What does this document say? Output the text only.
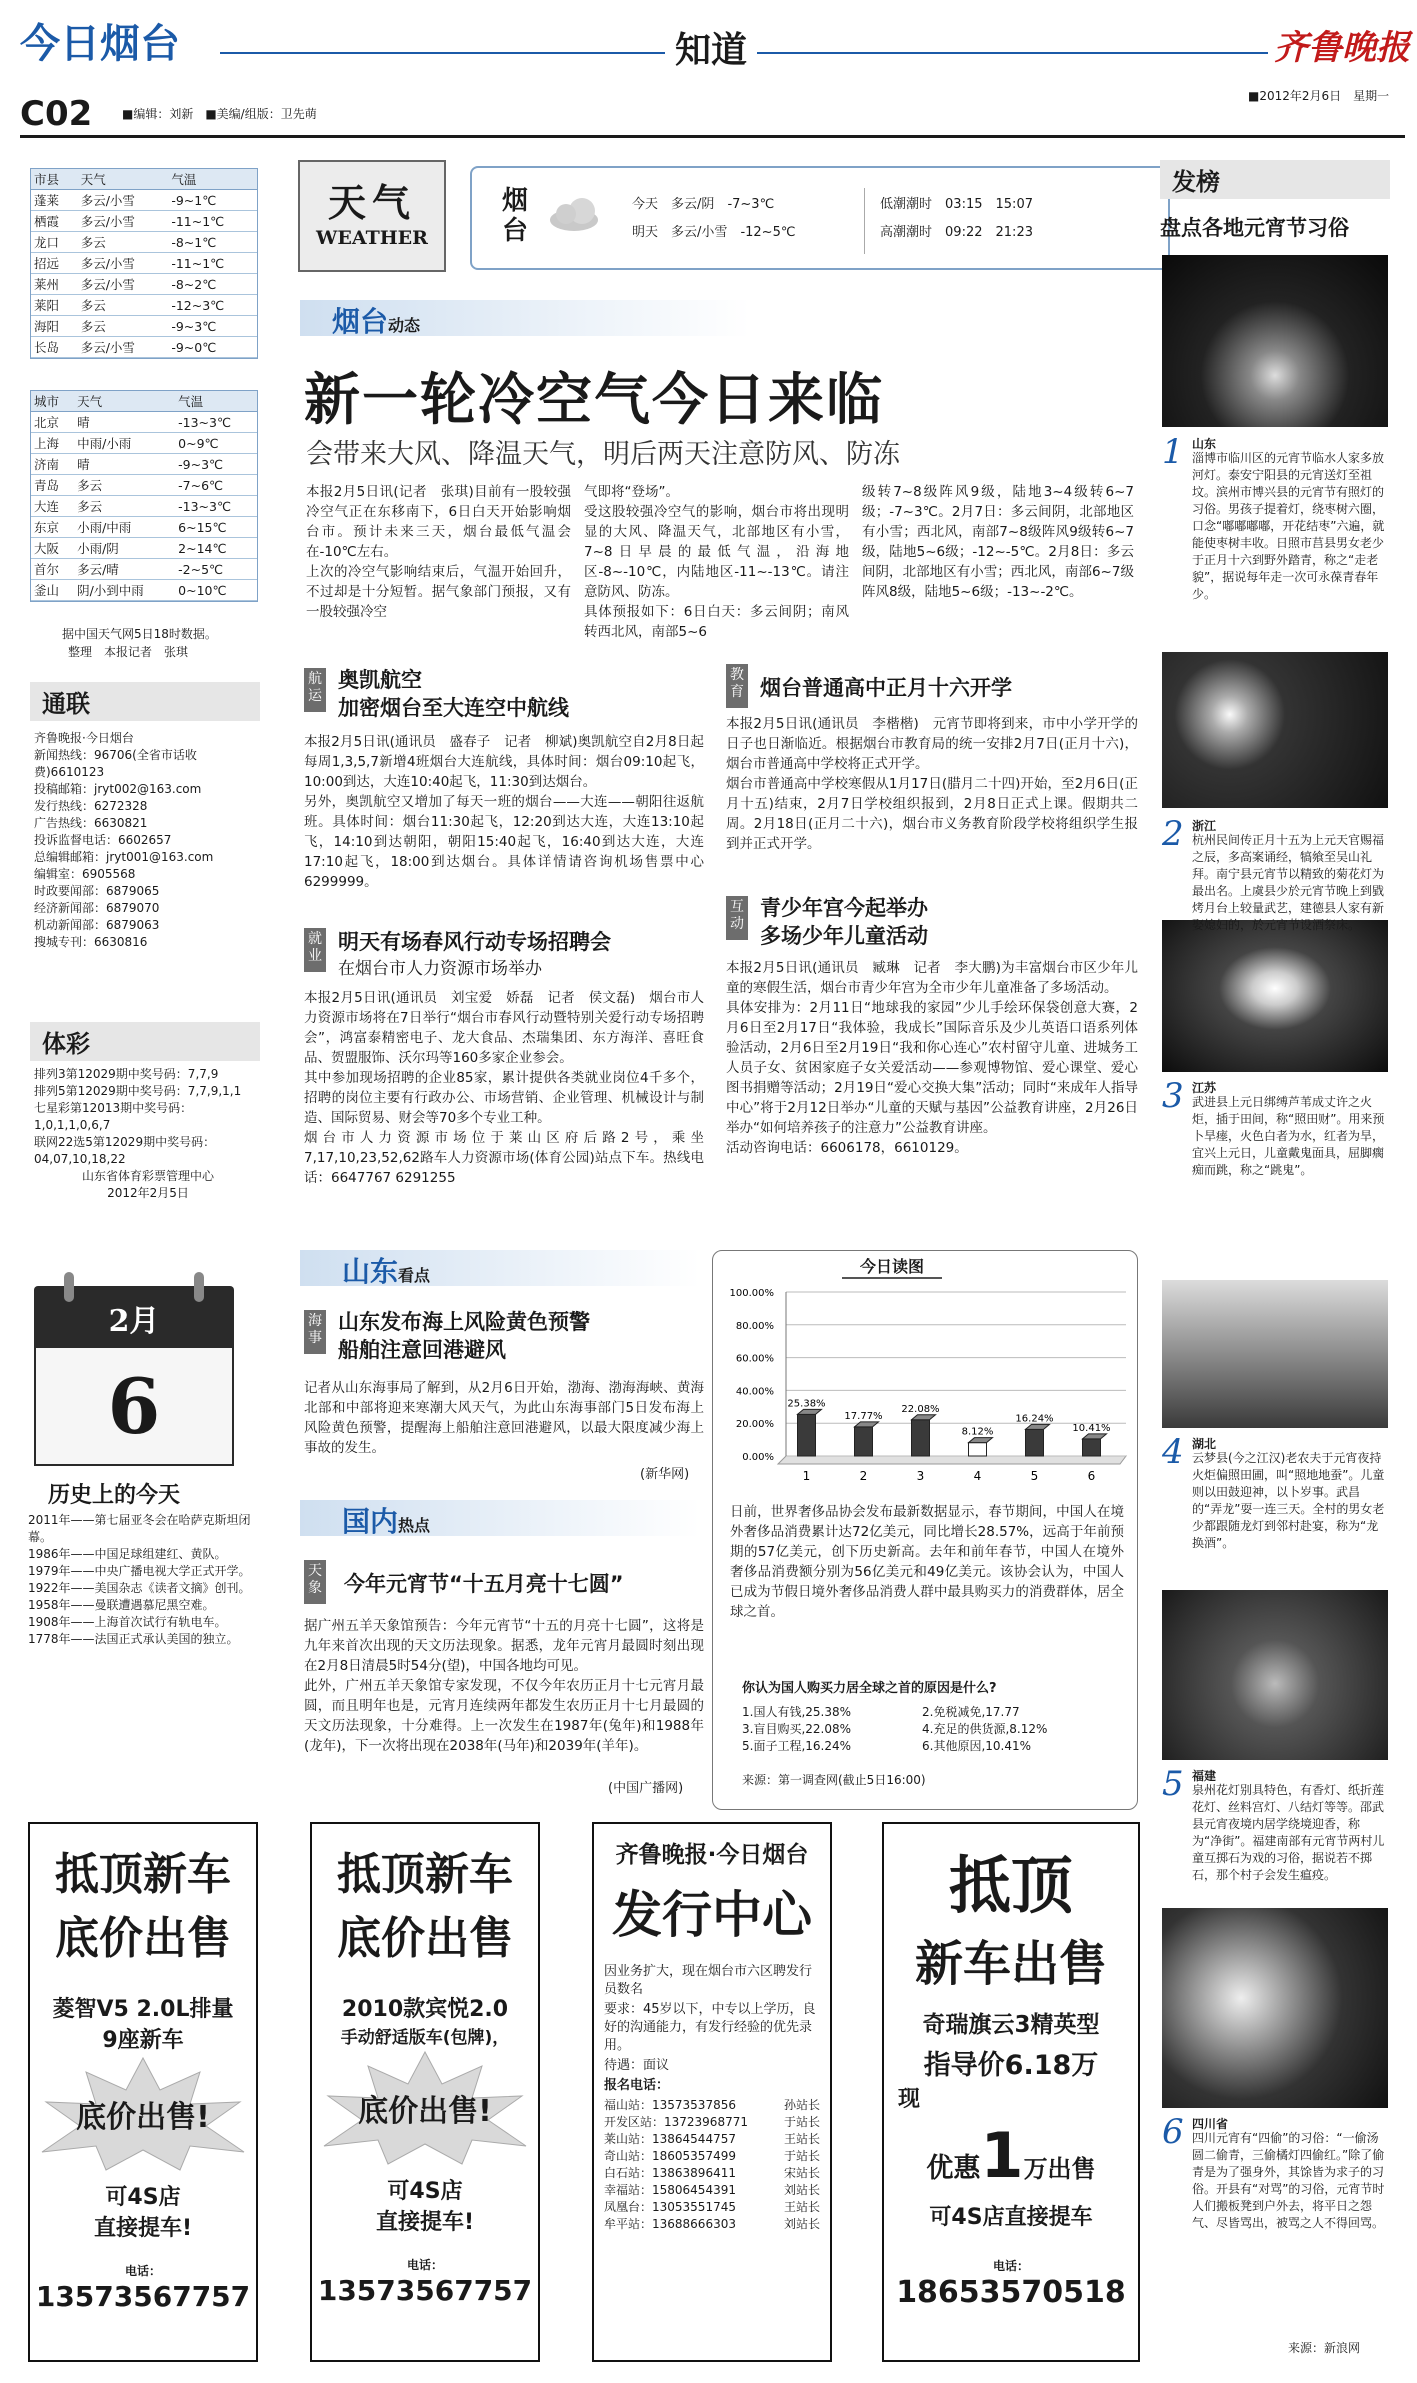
今日烟台	知道	齐鲁晚报
C02 ■编辑：刘新　■美编/组版：卫先萌
■2012年2月6日　星期一
市县	天气	气温
蓬莱	多云/小雪	-9~1℃
栖霞	多云/小雪	-11~1℃
龙口	多云	-8~1℃
招远	多云/小雪	-11~1℃
莱州	多云/小雪	-8~2℃
莱阳	多云	-12~3℃
海阳	多云	-9~3℃
长岛	多云/小雪	-9~0℃
城市	天气	气温
北京	晴	-13~3℃
上海	中雨/小雨	0~9℃
济南	晴	-9~3℃
青岛	多云	-7~6℃
大连	多云	-13~3℃
东京	小雨/中雨	6~15℃
大阪	小雨/阴	2~14℃
首尔	多云/晴	-2~5℃
釜山	阴/小到中雨	0~10℃
据中国天气网5日18时数据。
整理　本报记者　张琪
通联
齐鲁晚报·今日烟台
新闻热线：96706(全省市话收费)6610123
投稿邮箱：jryt002@163.com
发行热线：6272328
广告热线：6630821
投诉监督电话：6602657
总编辑邮箱：jryt001@163.com
编辑室：6905568
时政要闻部：6879065
经济新闻部：6879070
机动新闻部：6879063
搜城专刊：6630816
体彩
排列3第12029期中奖号码：7,7,9
排列5第12029期中奖号码：7,7,9,1,1
七星彩第12013期中奖号码：1,0,1,1,0,6,7
联网22选5第12029期中奖号码：04,07,10,18,22
山东省体育彩票管理中心
2012年2月5日
2月
6
历史上的今天
2011年——第七届亚冬会在哈萨克斯坦闭幕。
1986年——中国足球组建红、黄队。
1979年——中央广播电视大学正式开学。
1922年——美国杂志《读者文摘》创刊。
1958年——曼联遭遇慕尼黑空难。
1908年——上海首次试行有轨电车。
1778年——法国正式承认美国的独立。
天气
WEATHER
烟台
今天　 多云/阴　 -7~3℃
明天　 多云/小雪　 -12~5℃
低潮潮时　 03:15　 15:07
高潮潮时　 09:22　 21:23
烟台动态
新一轮冷空气今日来临
会带来大风、降温天气，明后两天注意防风、防冻
本报2月5日讯(记者　张琪)目前有一股较强冷空气正在东移南下，6日白天开始影响烟台市。预计未来三天，烟台最低气温会在-10℃左右。
上次的冷空气影响结束后，气温开始回升，不过却是十分短暂。据气象部门预报，又有一股较强冷空
气即将“登场”。
受这股较强冷空气的影响，烟台市将出现明显的大风、降温天气，北部地区有小雪，7~8日早晨的最低气温，沿海地区-8~-10℃，内陆地区-11~-13℃。请注意防风、防冻。
具体预报如下：6日白天：多云间阴；南风转西北风，南部5~6
级转7~8级阵风9级，陆地3~4级转6~7级；-7~3℃。2月7日：多云间阴，北部地区有小雪；西北风，南部7~8级阵风9级转6~7级，陆地5~6级；-12~-5℃。2月8日：多云间阴，北部地区有小雪；西北风，南部6~7级阵风8级，陆地5~6级；-13~-2℃。
航运
奥凯航空
加密烟台至大连空中航线
本报2月5日讯(通讯员　盛春子　记者　柳斌)奥凯航空自2月8日起每周1,3,5,7新增4班烟台大连航线，具体时间：烟台09:10起飞，10:00到达，大连10:40起飞，11:30到达烟台。
另外，奥凯航空又增加了每天一班的烟台——大连——朝阳往返航班。具体时间：烟台11:30起飞，12:20到达大连，大连13:10起飞，14:10到达朝阳，朝阳15:40起飞，16:40到达大连，大连17:10起飞，18:00到达烟台。具体详情请咨询机场售票中心6299999。
就业
明天有场春风行动专场招聘会
在烟台市人力资源市场举办
本报2月5日讯(通讯员　刘宝爱　娇磊　记者　侯文磊)　烟台市人力资源市场将在7日举行“烟台市春风行动暨特别关爱行动专场招聘会”，鸿富泰精密电子、龙大食品、杰瑞集团、东方海洋、喜旺食品、贺盟服饰、沃尔玛等160多家企业参会。
其中参加现场招聘的企业85家，累计提供各类就业岗位4千多个，招聘的岗位主要有行政办公、市场营销、企业管理、机械设计与制造、国际贸易、财会等70多个专业工种。
烟台市人力资源市场位于莱山区府后路2号，乘坐7,17,10,23,52,62路车人力资源市场(体育公园)站点下车。热线电话：6647767 6291255
教育 烟台普通高中正月十六开学
本报2月5日讯(通讯员　李楷楷)　元宵节即将到来，市中小学开学的日子也日渐临近。根据烟台市教育局的统一安排2月7日(正月十六)，烟台市普通高中学校将正式开学。
烟台市普通高中学校寒假从1月17日(腊月二十四)开始，至2月6日(正月十五)结束，2月7日学校组织报到，2月8日正式上课。假期共二周。2月18日(正月二十六)，烟台市义务教育阶段学校将组织学生报到并正式开学。
互动
青少年宫今起举办
多场少年儿童活动
本报2月5日讯(通讯员　臧琳　记者　李大鹏)为丰富烟台市区少年儿童的寒假生活，烟台市青少年宫为全市少年儿童准备了多场活动。
具体安排为：2月11日“地球我的家园”少儿手绘环保袋创意大赛，2月6日至2月17日“我体验，我成长”国际音乐及少儿英语口语系列体验活动，2月6日至2月19日“我和你心连心”农村留守儿童、进城务工人员子女、贫困家庭子女关爱活动——参观博物馆、爱心课堂、爱心图书捐赠等活动；2月19日“爱心交换大集”活动；同时“来成年人指导中心”将于2月12日举办“儿童的天赋与基因”公益教育讲座，2月26日举办“如何培养孩子的注意力”公益教育讲座。
活动咨询电话：6606178，6610129。
山东看点
海事
山东发布海上风险黄色预警
船舶注意回港避风
记者从山东海事局了解到，从2月6日开始，渤海、渤海海峡、黄海北部和中部将迎来寒潮大风天气，为此山东海事部门5日发布海上风险黄色预警，提醒海上船舶注意回港避风，以最大限度减少海上事故的发生。
(新华网)
国内热点
天象 今年元宵节“十五月亮十七圆”
据广州五羊天象馆预告：今年元宵节“十五的月亮十七圆”，这将是九年来首次出现的天文历法现象。据悉，龙年元宵月最圆时刻出现在2月8日清晨5时54分(望)，中国各地均可见。
此外，广州五羊天象馆专家发现，不仅今年农历正月十七元宵月最圆，而且明年也是，元宵月连续两年都发生农历正月十七月最圆的天文历法现象，十分难得。上一次发生在1987年(兔年)和1988年(龙年)，下一次将出现在2038年(马年)和2039年(羊年)。
(中国广播网)
今日读图
0.00%
20.00%
40.00%
60.00%
80.00%
100.00%
25.38%
1
17.77%
2
22.08%
3
8.12%
4
16.24%
5
10.41%
6
日前，世界奢侈品协会发布最新数据显示，春节期间，中国人在境外奢侈品消费累计达72亿美元，同比增长28.57%，远高于年前预期的57亿美元，创下历史新高。去年和前年春节，中国人在境外奢侈品消费额分别为56亿美元和49亿美元。该协会认为，中国人已成为节假日境外奢侈品消费人群中最具购买力的消费群体，居全球之首。
你认为国人购买力居全球之首的原因是什么?
1.国人有钱,25.38%	2.免税减免,17.77
3.盲目购买,22.08%	4.充足的供货源,8.12%
5.面子工程,16.24%	6.其他原因,10.41%
来源：第一调查网(截止5日16:00)
发榜
盘点各地元宵节习俗
1 山东
淄博市临川区的元宵节临水人家多放河灯。泰安宁阳县的元宵送灯至祖坟。滨州市博兴县的元宵节有照灯的习俗。男孩子提着灯，绕枣树六圈，口念“嘟嘟嘟嘟，开花结枣”六遍，就能使枣树丰收。日照市莒县男女老少于正月十六到野外踏青，称之“走老貌”，据说每年走一次可永葆青春年少。
2 浙江
杭州民间传正月十五为上元天官赐福之辰，多高案诵经，犒飨至吴山礼拜。南宁县元宵节以精致的菊花灯为最出名。上虞县少於元宵节晚上到戥烤月台上较量武艺，建德县人家有新娶媳妇的，於元宵节设酒祭床。
3 江苏
武进县上元日绑缚芦苇成丈许之火炬，插于田间，称“照田财”。用来预卜旱瘗，火色白者为水，红者为旱，宜兴上元日，儿童戴鬼面具，屈脚瘸痴而跳，称之“跳鬼”。
4 湖北
云梦县(今之江汉)老农夫于元宵夜持火炬偏照田圃，叫“照地地蚕”。儿童则以田鼓迎神，以卜岁事。武昌的“弄龙”耍一连三天。全村的男女老少都跟随龙灯到邻村赴宴，称为“龙换酒”。
5 福建
泉州花灯别具特色，有香灯、纸折莲花灯、丝料宫灯、八结灯等等。邵武县元宵夜境内居学绕境迎香，称为“净街”。福建南部有元宵节两村儿童互掷石为戏的习俗，据说若不掷石，那个村子会发生瘟疫。
6 四川省
四川元宵有“四偷”的习俗：“一偷汤圆二偷青，三偷橘灯四偷红。”除了偷青是为了强身外，其馀皆为求子的习俗。开县有“对骂”的习俗，元宵节时人们搬板凳到户外去，将平日之怨气、尽皆骂出，被骂之人不得回骂。
来源：新浪网
抵顶新车
底价出售
菱智V5 2.0L排量
9座新车
底价出售!
可4S店
直接提车!
电话：13573567757
抵顶新车
底价出售
2010款宾悦2.0
手动舒适版车(包牌)，
底价出售!
可4S店
直接提车!
电话：13573567757
齐鲁晚报·今日烟台
发行中心
因业务扩大，现在烟台市六区聘发行员数名
要求：45岁以下，中专以上学历，良好的沟通能力，有发行经验的优先录用。
待遇：面议
报名电话：
福山站：13573537856	孙站长
开发区站：13723968771	于站长
莱山站：13864544757	王站长
奇山站：18605357499	于站长
白石站：13863896411	宋站长
幸福站：15806454391	刘站长
凤凰台：13053551745	王站长
牟平站：13688666303	刘站长
抵顶
新车出售
奇瑞旗云3精英型
指导价6.18万
现
优惠1万出售
可4S店直接提车
电话：18653570518
